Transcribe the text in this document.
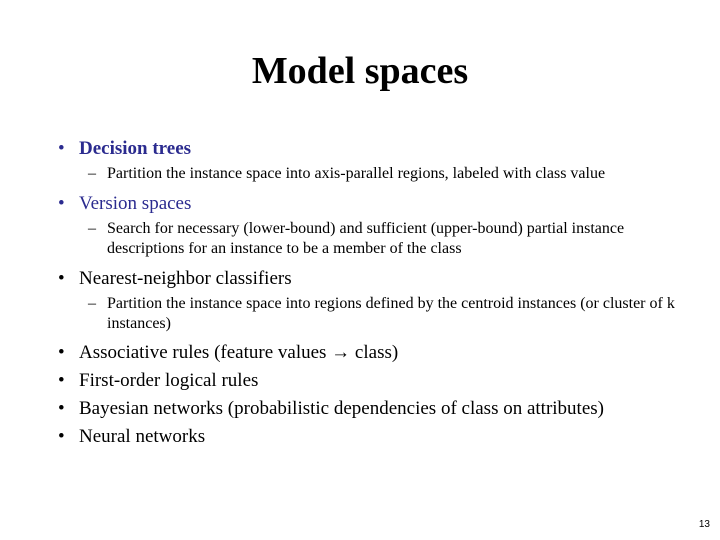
Model spaces
• Decision trees
– Partition the instance space into axis-parallel regions, labeled with class value
• Version spaces
– Search for necessary (lower-bound) and sufficient (upper-bound) partial instance descriptions for an instance to be a member of the class
• Nearest-neighbor classifiers
– Partition the instance space into regions defined by the centroid instances (or cluster of k instances)
• Associative rules (feature values → class)
• First-order logical rules
• Bayesian networks (probabilistic dependencies of class on attributes)
• Neural networks
13
